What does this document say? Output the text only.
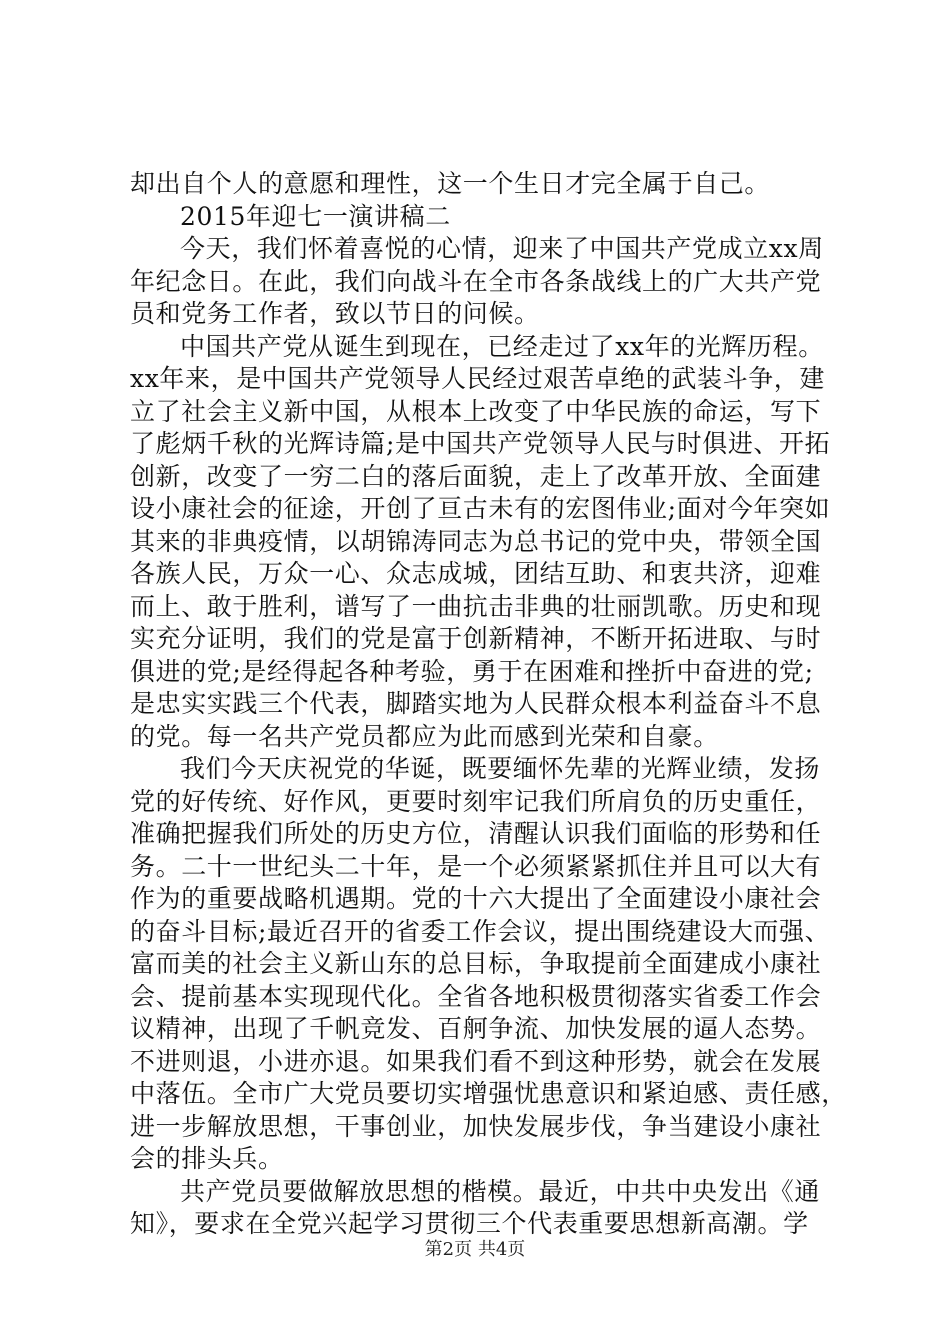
却出自个人的意愿和理性，这一个生日才完全属于自己。
2015年迎七一演讲稿二
今天，我们怀着喜悦的心情，迎来了中国共产党成立xx周
年纪念日。在此，我们向战斗在全市各条战线上的广大共产党
员和党务工作者，致以节日的问候。
中国共产党从诞生到现在，已经走过了xx年的光辉历程。
xx年来，是中国共产党领导人民经过艰苦卓绝的武装斗争，建
立了社会主义新中国，从根本上改变了中华民族的命运，写下
了彪炳千秋的光辉诗篇;是中国共产党领导人民与时俱进、开拓
创新，改变了一穷二白的落后面貌，走上了改革开放、全面建
设小康社会的征途，开创了亘古未有的宏图伟业;面对今年突如
其来的非典疫情，以胡锦涛同志为总书记的党中央，带领全国
各族人民，万众一心、众志成城，团结互助、和衷共济，迎难
而上、敢于胜利，谱写了一曲抗击非典的壮丽凯歌。历史和现
实充分证明，我们的党是富于创新精神，不断开拓进取、与时
俱进的党;是经得起各种考验，勇于在困难和挫折中奋进的党;
是忠实实践三个代表，脚踏实地为人民群众根本利益奋斗不息
的党。每一名共产党员都应为此而感到光荣和自豪。
我们今天庆祝党的华诞，既要缅怀先辈的光辉业绩，发扬
党的好传统、好作风，更要时刻牢记我们所肩负的历史重任，
准确把握我们所处的历史方位，清醒认识我们面临的形势和任
务。二十一世纪头二十年，是一个必须紧紧抓住并且可以大有
作为的重要战略机遇期。党的十六大提出了全面建设小康社会
的奋斗目标;最近召开的省委工作会议，提出围绕建设大而强、
富而美的社会主义新山东的总目标，争取提前全面建成小康社
会、提前基本实现现代化。全省各地积极贯彻落实省委工作会
议精神，出现了千帆竞发、百舸争流、加快发展的逼人态势。
不进则退，小进亦退。如果我们看不到这种形势，就会在发展
中落伍。全市广大党员要切实增强忧患意识和紧迫感、责任感，
进一步解放思想，干事创业，加快发展步伐，争当建设小康社
会的排头兵。
共产党员要做解放思想的楷模。最近，中共中央发出《通
知》，要求在全党兴起学习贯彻三个代表重要思想新高潮。学
第2页 共4页
